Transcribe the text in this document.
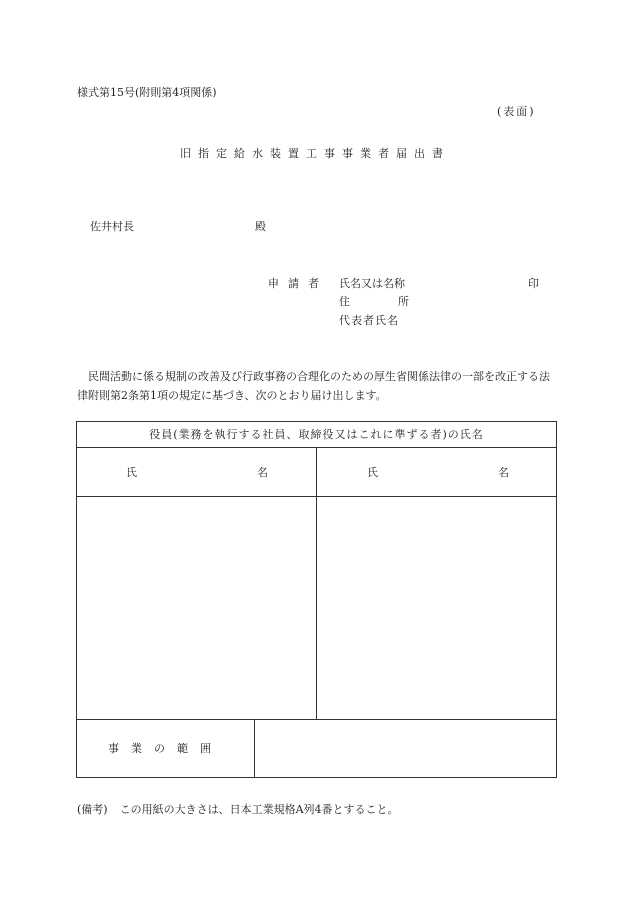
様式第15号(附則第4項関係)
(表面)
旧指定給水装置工事事業者届出書
佐井村長	殿
申請者 氏名又は名称	印
住	所
代表者氏名
民間活動に係る規制の改善及び行政事務の合理化のための厚生省関係法律の一部を改正する法律附則第2条第1項の規定に基づき、次のとおり届け出します。
役員(業務を執行する社員、取締役又はこれに準ずる者)の氏名
氏	名	氏	名
事業の範囲
(備考) この用紙の大きさは、日本工業規格A列4番とすること。
